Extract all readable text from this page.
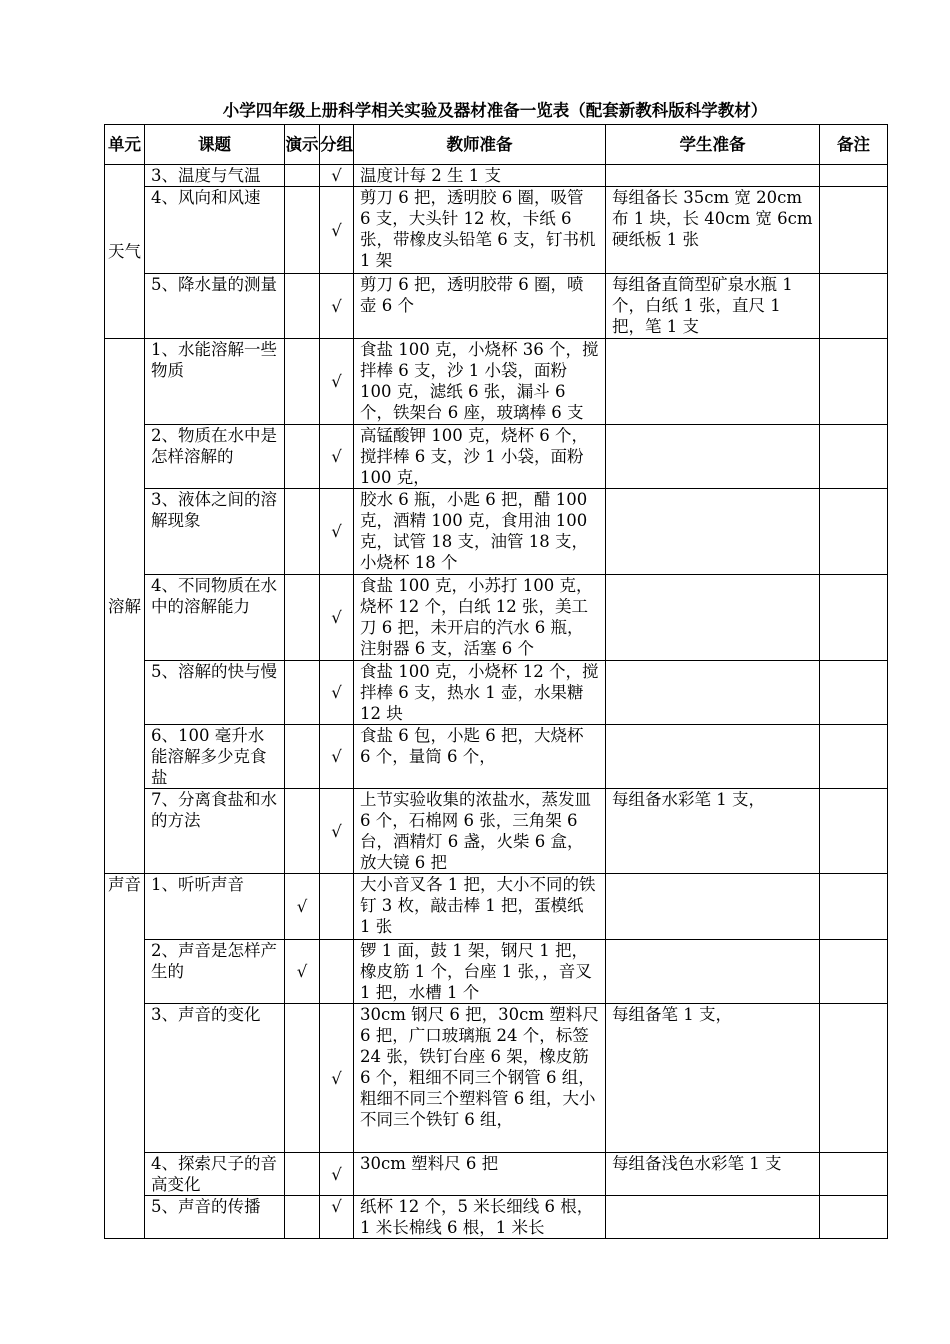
小学四年级上册科学相关实验及器材准备一览表（配套新教科版科学教材）
单元	课题	演示	分组	教师准备	学生准备	备注

天气	3、温度与气温		√	温度计每 2 生 1 支		
	4、风向和风速		√	剪刀 6 把，透明胶 6 圈，吸管 6 支，大头针 12 枚，卡纸 6 张，带橡皮头铅笔 6 支，钉书机 1 架	每组备长 35cm 宽 20cm 布 1 块，长 40cm 宽 6cm 硬纸板 1 张	
	5、降水量的测量		√	剪刀 6 把，透明胶带 6 圈，喷壶 6 个	每组备直筒型矿泉水瓶 1 个，白纸 1 张，直尺 1 把，笔 1 支	

溶解	1、水能溶解一些物质		√	食盐 100 克，小烧杯 36 个，搅拌棒 6 支，沙 1 小袋，面粉 100 克，滤纸 6 张，漏斗 6 个，铁架台 6 座，玻璃棒 6 支		
	2、物质在水中是怎样溶解的		√	高锰酸钾 100 克，烧杯 6 个，搅拌棒 6 支，沙 1 小袋，面粉 100 克，		
	3、液体之间的溶解现象		√	胶水 6 瓶，小匙 6 把，醋 100 克，酒精 100 克，食用油 100 克，试管 18 支，油管 18 支，小烧杯 18 个		
	4、不同物质在水中的溶解能力		√	食盐 100 克，小苏打 100 克，烧杯 12 个，白纸 12 张，美工刀 6 把，未开启的汽水 6 瓶，注射器 6 支，活塞 6 个		
	5、溶解的快与慢		√	食盐 100 克，小烧杯 12 个，搅拌棒 6 支，热水 1 壶，水果糖 12 块		
	6、100 毫升水能溶解多少克食盐		√	食盐 6 包，小匙 6 把，大烧杯 6 个，量筒 6 个，		
	7、分离食盐和水的方法		√	上节实验收集的浓盐水，蒸发皿 6 个，石棉网 6 张，三角架 6 台，酒精灯 6 盏，火柴 6 盒，放大镜 6 把	每组备水彩笔 1 支，	

声音	1、听听声音	√		大小音叉各 1 把，大小不同的铁钉 3 枚，敲击棒 1 把，蛋模纸 1 张		
	2、声音是怎样产生的	√		锣 1 面，鼓 1 架，钢尺 1 把，橡皮筋 1 个，台座 1 张，，音叉 1 把，水槽 1 个		
	3、声音的变化		√	30cm 钢尺 6 把，30cm 塑料尺 6 把，广口玻璃瓶 24 个，标签 24 张，铁钉台座 6 架，橡皮筋 6 个，粗细不同三个钢管 6 组，粗细不同三个塑料管 6 组，大小不同三个铁钉 6 组，	每组备笔 1 支，	
	4、探索尺子的音高变化		√	30cm 塑料尺 6 把	每组备浅色水彩笔 1 支	
	5、声音的传播		√	纸杯 12 个，5 米长细线 6 根，1 米长棉线 6 根，1 米长		
